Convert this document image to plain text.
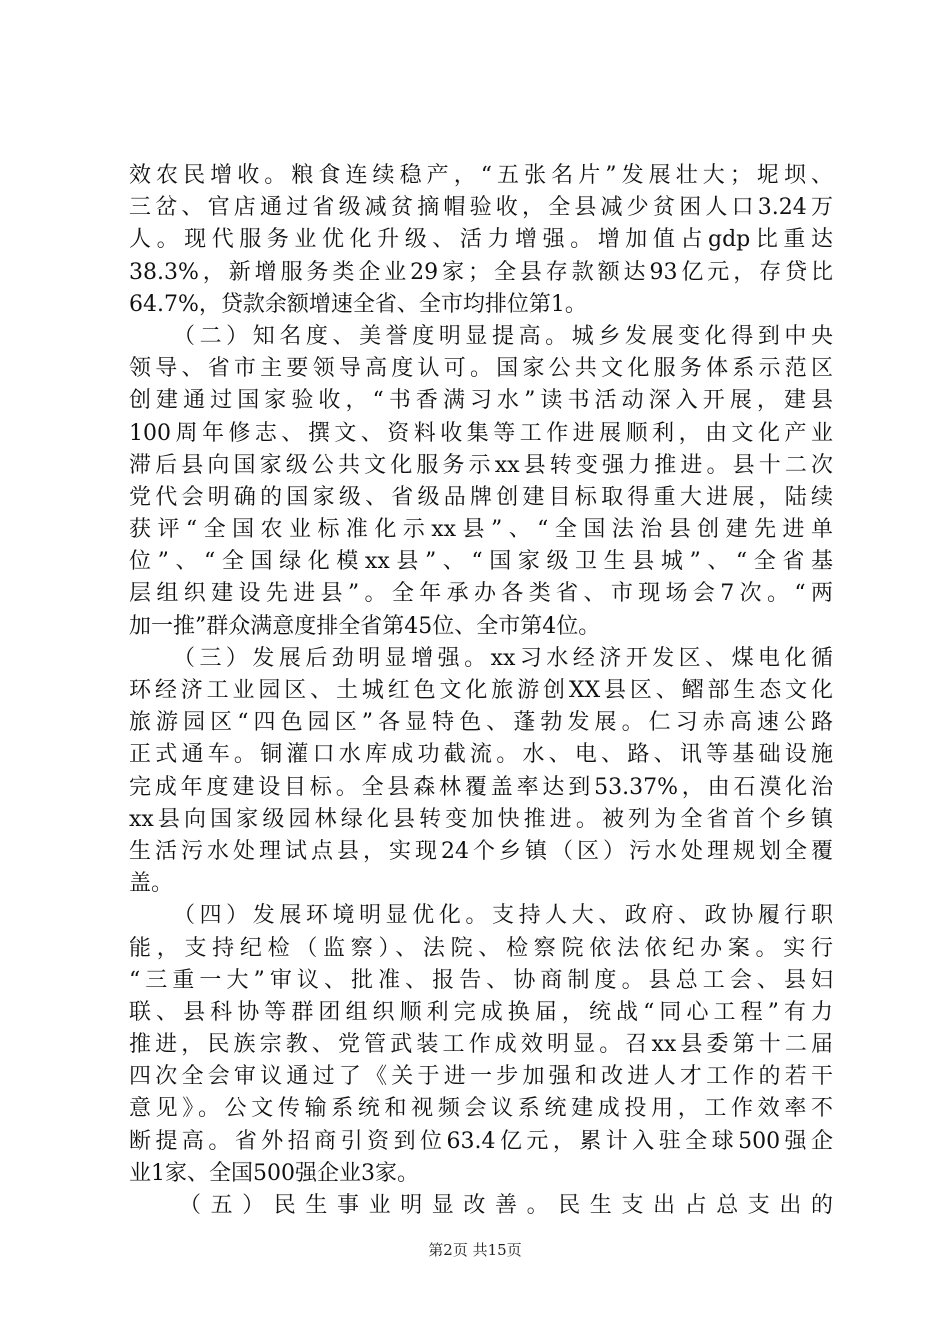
效农民增收。粮食连续稳产，“五张名片”发展壮大；坭坝、
三岔、官店通过省级减贫摘帽验收，全县减少贫困人口3.24万
人。现代服务业优化升级、活力增强。增加值占gdp比重达
38.3%，新增服务类企业29家；全县存款额达93亿元，存贷比
64.7%，贷款余额增速全省、全市均排位第1。
（二）知名度、美誉度明显提高。城乡发展变化得到中央
领导、省市主要领导高度认可。国家公共文化服务体系示范区
创建通过国家验收，“书香满习水”读书活动深入开展，建县
100周年修志、撰文、资料收集等工作进展顺利，由文化产业
滞后县向国家级公共文化服务示xx县转变强力推进。县十二次
党代会明确的国家级、省级品牌创建目标取得重大进展，陆续
获评“全国农业标准化示xx县”、“全国法治县创建先进单
位”、“全国绿化模xx县”、“国家级卫生县城”、“全省基
层组织建设先进县”。全年承办各类省、市现场会7次。“两
加一推”群众满意度排全省第45位、全市第4位。
（三）发展后劲明显增强。xx习水经济开发区、煤电化循
环经济工业园区、土城红色文化旅游创XX县区、鳛部生态文化
旅游园区“四色园区”各显特色、蓬勃发展。仁习赤高速公路
正式通车。铜灌口水库成功截流。水、电、路、讯等基础设施
完成年度建设目标。全县森林覆盖率达到53.37%，由石漠化治
xx县向国家级园林绿化县转变加快推进。被列为全省首个乡镇
生活污水处理试点县，实现24个乡镇（区）污水处理规划全覆
盖。
（四）发展环境明显优化。支持人大、政府、政协履行职
能，支持纪检（监察）、法院、检察院依法依纪办案。实行
“三重一大”审议、批准、报告、协商制度。县总工会、县妇
联、县科协等群团组织顺利完成换届，统战“同心工程”有力
推进，民族宗教、党管武装工作成效明显。召xx县委第十二届
四次全会审议通过了《关于进一步加强和改进人才工作的若干
意见》。公文传输系统和视频会议系统建成投用，工作效率不
断提高。省外招商引资到位63.4亿元，累计入驻全球500强企
业1家、全国500强企业3家。
（五）民生事业明显改善。民生支出占总支出的
第2页 共15页
